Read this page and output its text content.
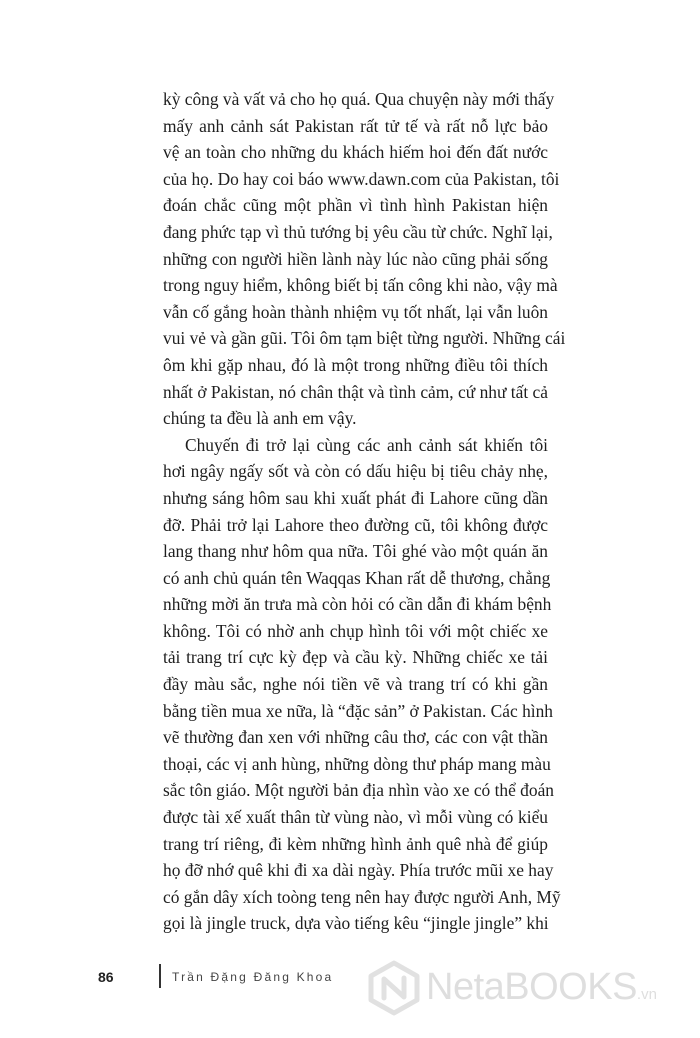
kỳ công và vất vả cho họ quá. Qua chuyện này mới thấy
mấy anh cảnh sát Pakistan rất tử tế và rất nỗ lực bảo
vệ an toàn cho những du khách hiếm hoi đến đất nước
của họ. Do hay coi báo www.dawn.com của Pakistan, tôi
đoán chắc cũng một phần vì tình hình Pakistan hiện
đang phức tạp vì thủ tướng bị yêu cầu từ chức. Nghĩ lại,
những con người hiền lành này lúc nào cũng phải sống
trong nguy hiểm, không biết bị tấn công khi nào, vậy mà
vẫn cố gắng hoàn thành nhiệm vụ tốt nhất, lại vẫn luôn
vui vẻ và gần gũi. Tôi ôm tạm biệt từng người. Những cái
ôm khi gặp nhau, đó là một trong những điều tôi thích
nhất ở Pakistan, nó chân thật và tình cảm, cứ như tất cả
chúng ta đều là anh em vậy.
Chuyến đi trở lại cùng các anh cảnh sát khiến tôi
hơi ngây ngấy sốt và còn có dấu hiệu bị tiêu chảy nhẹ,
nhưng sáng hôm sau khi xuất phát đi Lahore cũng dần
đỡ. Phải trở lại Lahore theo đường cũ, tôi không được
lang thang như hôm qua nữa. Tôi ghé vào một quán ăn
có anh chủ quán tên Waqqas Khan rất dễ thương, chẳng
những mời ăn trưa mà còn hỏi có cần dẫn đi khám bệnh
không. Tôi có nhờ anh chụp hình tôi với một chiếc xe
tải trang trí cực kỳ đẹp và cầu kỳ. Những chiếc xe tải
đầy màu sắc, nghe nói tiền vẽ và trang trí có khi gần
bằng tiền mua xe nữa, là “đặc sản” ở Pakistan. Các hình
vẽ thường đan xen với những câu thơ, các con vật thần
thoại, các vị anh hùng, những dòng thư pháp mang màu
sắc tôn giáo. Một người bản địa nhìn vào xe có thể đoán
được tài xế xuất thân từ vùng nào, vì mỗi vùng có kiểu
trang trí riêng, đi kèm những hình ảnh quê nhà để giúp
họ đỡ nhớ quê khi đi xa dài ngày. Phía trước mũi xe hay
có gắn dây xích toòng teng nên hay được người Anh, Mỹ
gọi là jingle truck, dựa vào tiếng kêu “jingle jingle” khi
86	Trần Đặng Đăng Khoa NetaBOOKS.vn
